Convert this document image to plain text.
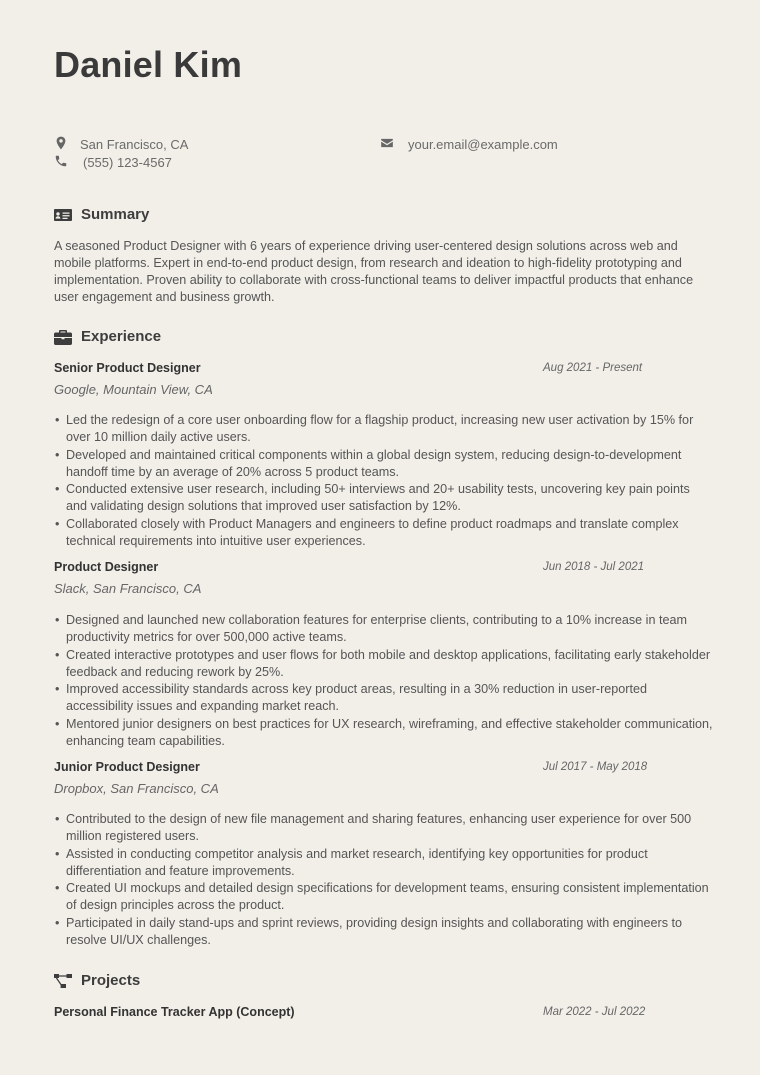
Daniel Kim
San Francisco, CA
(555) 123-4567
your.email@example.com
Summary

A seasoned Product Designer with 6 years of experience driving user-centered design solutions across web and mobile platforms. Expert in end-to-end product design, from research and ideation to high-fidelity prototyping and implementation. Proven ability to collaborate with cross-functional teams to deliver impactful products that enhance user engagement and business growth.

Experience
Senior Product Designer	Aug 2021 - Present
Google, Mountain View, CA
• Led the redesign of a core user onboarding flow for a flagship product, increasing new user activation by 15% for over 10 million daily active users.
• Developed and maintained critical components within a global design system, reducing design-to-development handoff time by an average of 20% across 5 product teams.
• Conducted extensive user research, including 50+ interviews and 20+ usability tests, uncovering key pain points and validating design solutions that improved user satisfaction by 12%.
• Collaborated closely with Product Managers and engineers to define product roadmaps and translate complex technical requirements into intuitive user experiences.
Product Designer	Jun 2018 - Jul 2021
Slack, San Francisco, CA
• Designed and launched new collaboration features for enterprise clients, contributing to a 10% increase in team productivity metrics for over 500,000 active teams.
• Created interactive prototypes and user flows for both mobile and desktop applications, facilitating early stakeholder feedback and reducing rework by 25%.
• Improved accessibility standards across key product areas, resulting in a 30% reduction in user-reported accessibility issues and expanding market reach.
• Mentored junior designers on best practices for UX research, wireframing, and effective stakeholder communication, enhancing team capabilities.
Junior Product Designer	Jul 2017 - May 2018
Dropbox, San Francisco, CA
• Contributed to the design of new file management and sharing features, enhancing user experience for over 500 million registered users.
• Assisted in conducting competitor analysis and market research, identifying key opportunities for product differentiation and feature improvements.
• Created UI mockups and detailed design specifications for development teams, ensuring consistent implementation of design principles across the product.
• Participated in daily stand-ups and sprint reviews, providing design insights and collaborating with engineers to resolve UI/UX challenges.
Projects
Personal Finance Tracker App (Concept)	Mar 2022 - Jul 2022
